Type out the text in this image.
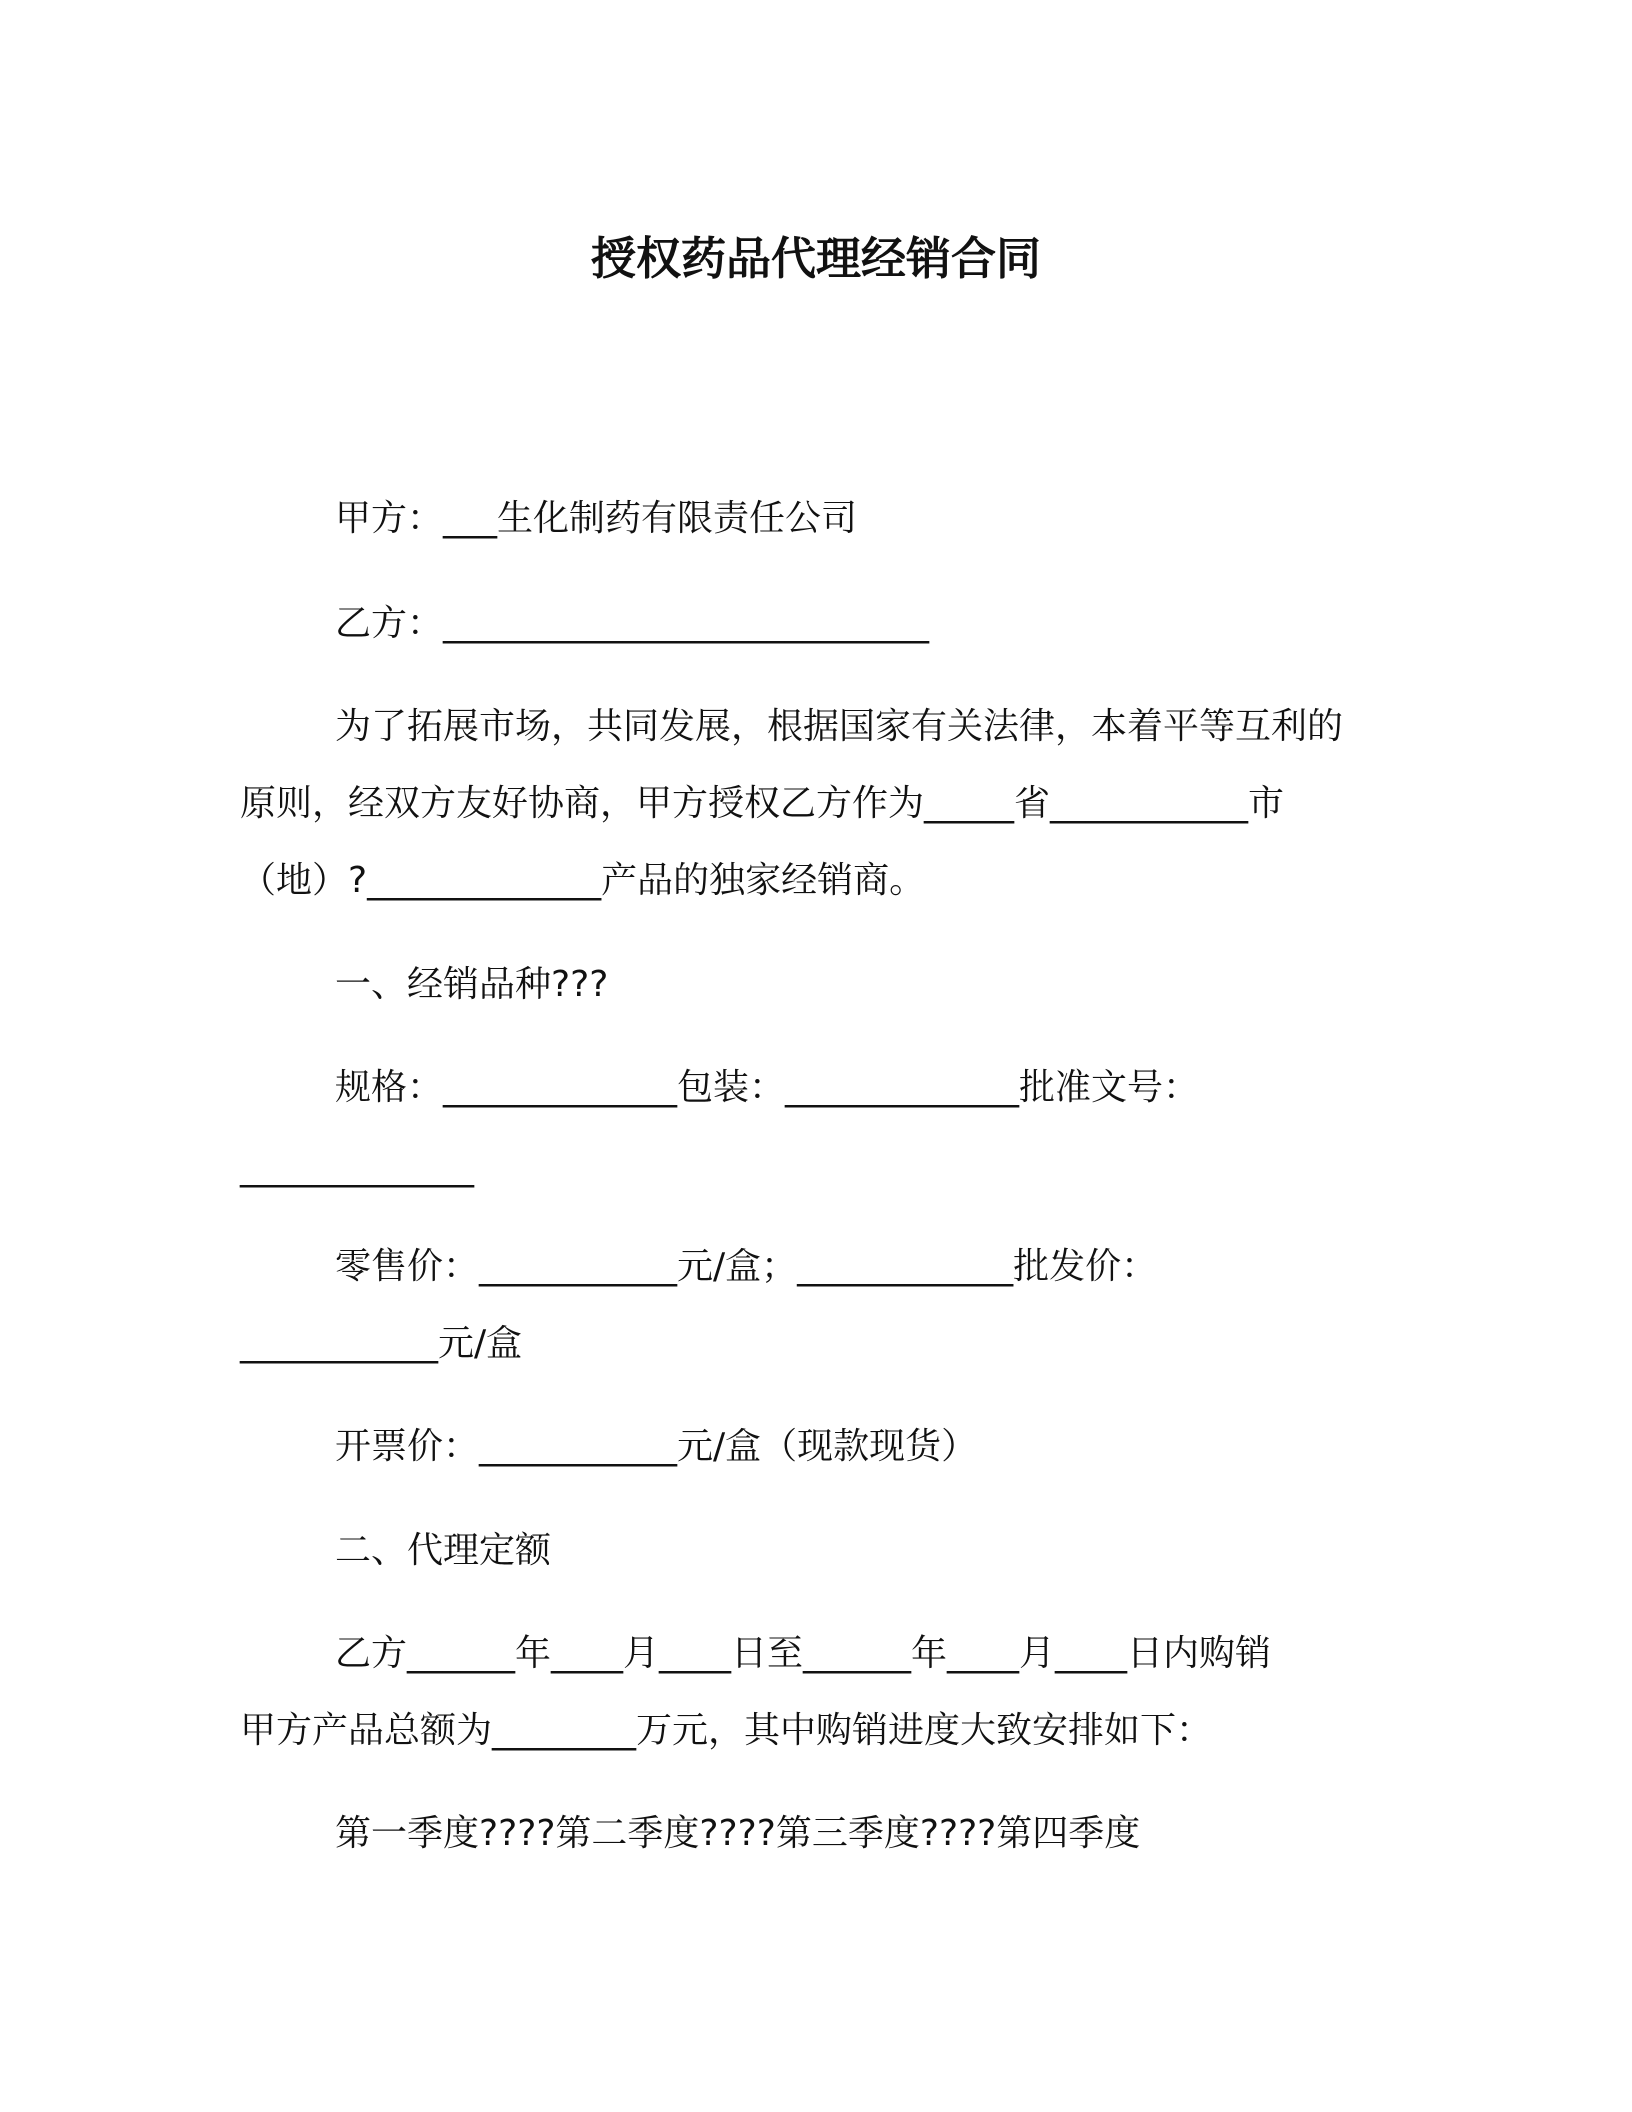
授权药品代理经销合同
甲方：___生化制药有限责任公司
乙方：___________________________
为了拓展市场，共同发展，根据国家有关法律，本着平等互利的
原则，经双方友好协商，甲方授权乙方作为_____省___________市
（地）?_____________产品的独家经销商。
一、经销品种???
规格：_____________包装：_____________批准文号：
_____________
零售价：___________元/盒；____________批发价：
___________元/盒
开票价：___________元/盒（现款现货）
二、代理定额
乙方______年____月____日至______年____月____日内购销
甲方产品总额为________万元，其中购销进度大致安排如下：
第一季度????第二季度????第三季度????第四季度
